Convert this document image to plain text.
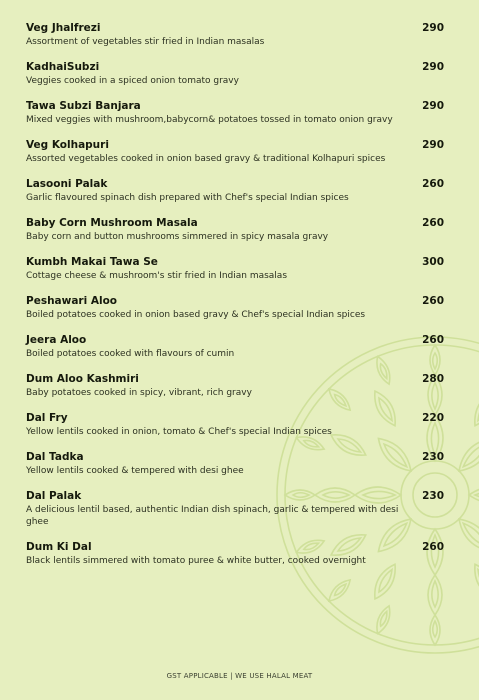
Veg Jhalfrezi	290
Assortment of vegetables stir fried in Indian masalas
KadhaiSubzi	290
Veggies cooked in a spiced onion tomato gravy
Tawa Subzi Banjara	290
Mixed veggies with mushroom,babycorn& potatoes tossed in tomato onion gravy
Veg Kolhapuri	290
Assorted vegetables cooked in onion based gravy & traditional Kolhapuri spices
Lasooni Palak	260
Garlic flavoured spinach dish prepared with Chef's special Indian spices
Baby Corn Mushroom Masala	260
Baby corn and button mushrooms simmered in spicy masala gravy
Kumbh Makai Tawa Se	300
Cottage cheese & mushroom's stir fried in Indian masalas
Peshawari Aloo	260
Boiled potatoes cooked in onion based gravy & Chef's special Indian spices
Jeera Aloo	260
Boiled potatoes cooked with flavours of cumin
Dum Aloo Kashmiri	280
Baby potatoes cooked in spicy, vibrant, rich gravy
Dal Fry	220
Yellow lentils cooked in onion, tomato & Chef's special Indian spices
Dal Tadka	230
Yellow lentils cooked & tempered with desi ghee
Dal Palak	230
A delicious lentil based, authentic Indian dish spinach, garlic & tempered with desi ghee
Dum Ki Dal	260
Black lentils simmered with tomato puree & white butter, cooked overnight
GST APPLICABLE | WE USE HALAL MEAT
